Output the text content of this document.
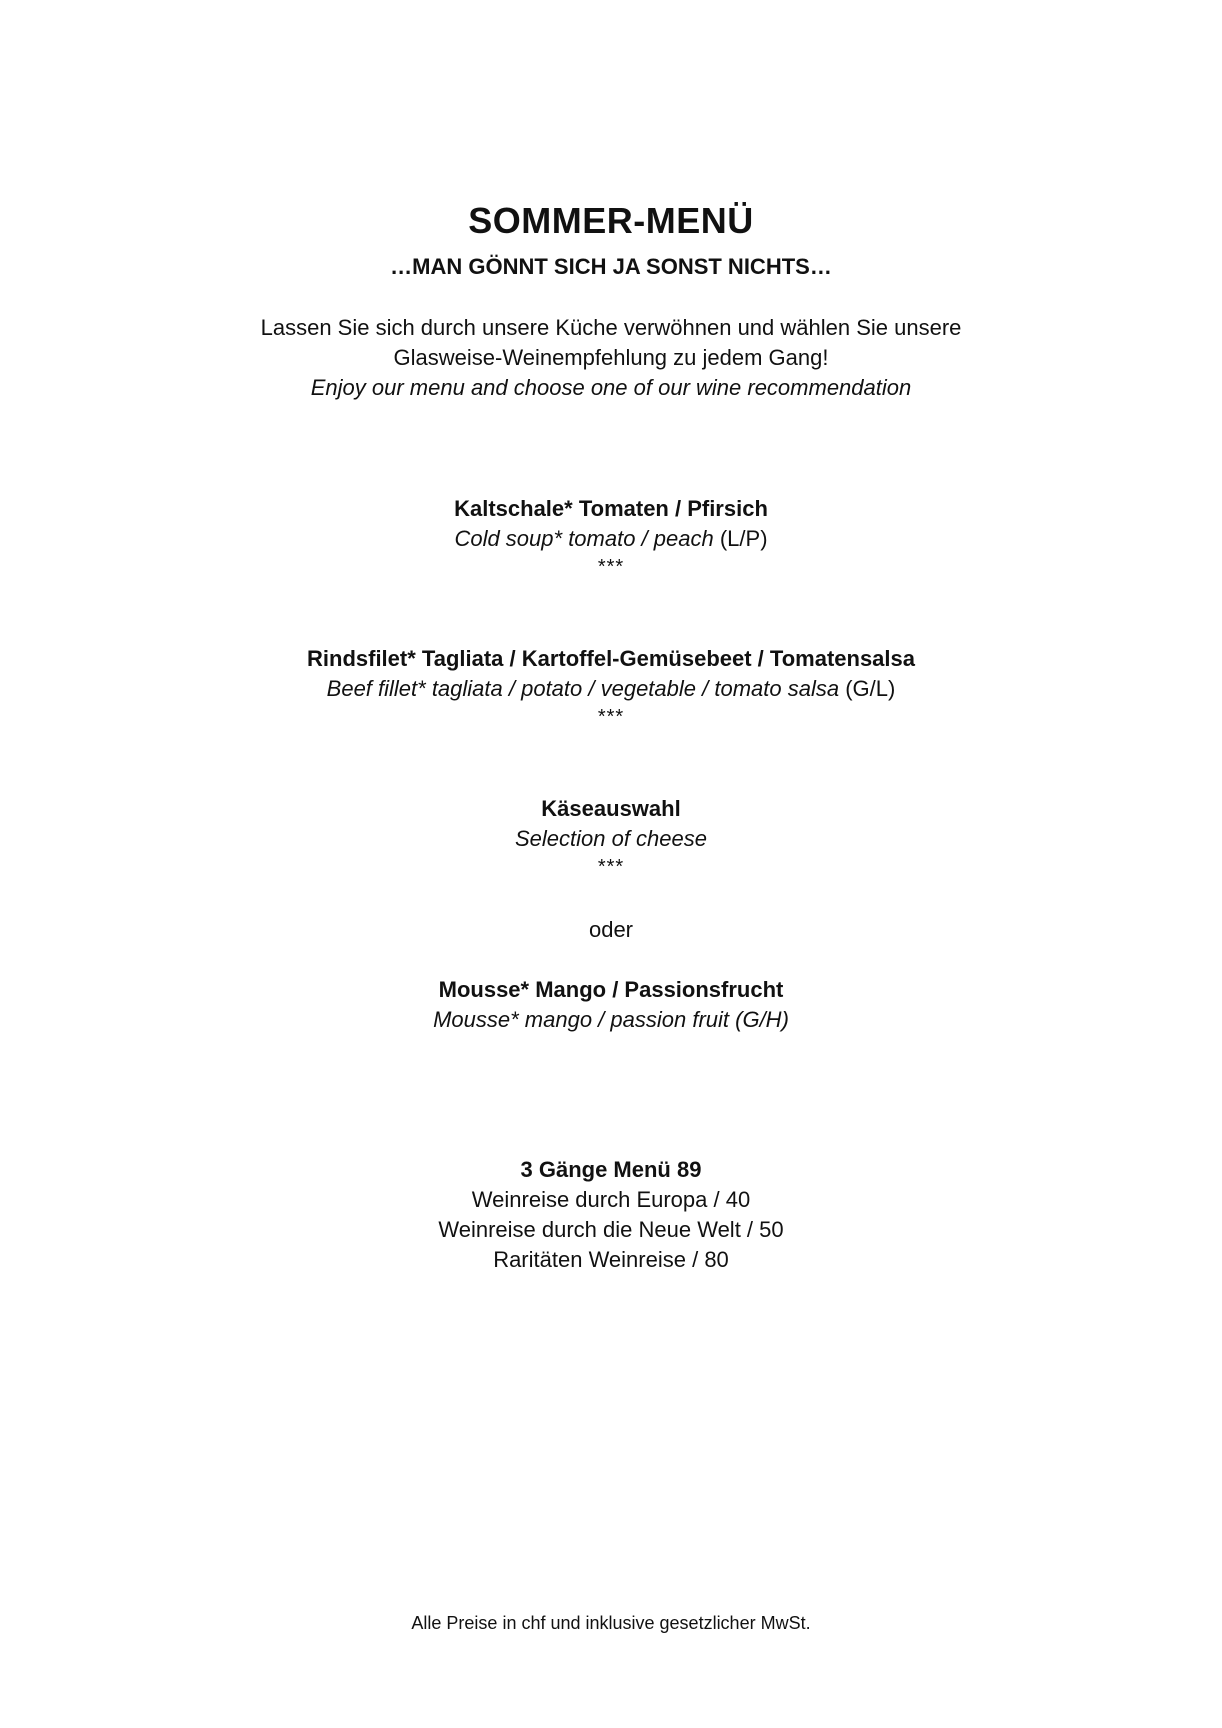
SOMMER-MENÜ
…MAN GÖNNT SICH JA SONST NICHTS…
Lassen Sie sich durch unsere Küche verwöhnen und wählen Sie unsere
Glasweise-Weinempfehlung zu jedem Gang!
Enjoy our menu and choose one of our wine recommendation
Kaltschale* Tomaten / Pfirsich
Cold soup* tomato / peach (L/P)
***
Rindsfilet* Tagliata / Kartoffel-Gemüsebeet / Tomatensalsa
Beef fillet* tagliata / potato / vegetable / tomato salsa (G/L)
***
Käseauswahl
Selection of cheese
***
oder
Mousse* Mango / Passionsfrucht
Mousse* mango / passion fruit (G/H)
3 Gänge Menü 89
Weinreise durch Europa / 40
Weinreise durch die Neue Welt / 50
Raritäten Weinreise / 80
Alle Preise in chf und inklusive gesetzlicher MwSt.
